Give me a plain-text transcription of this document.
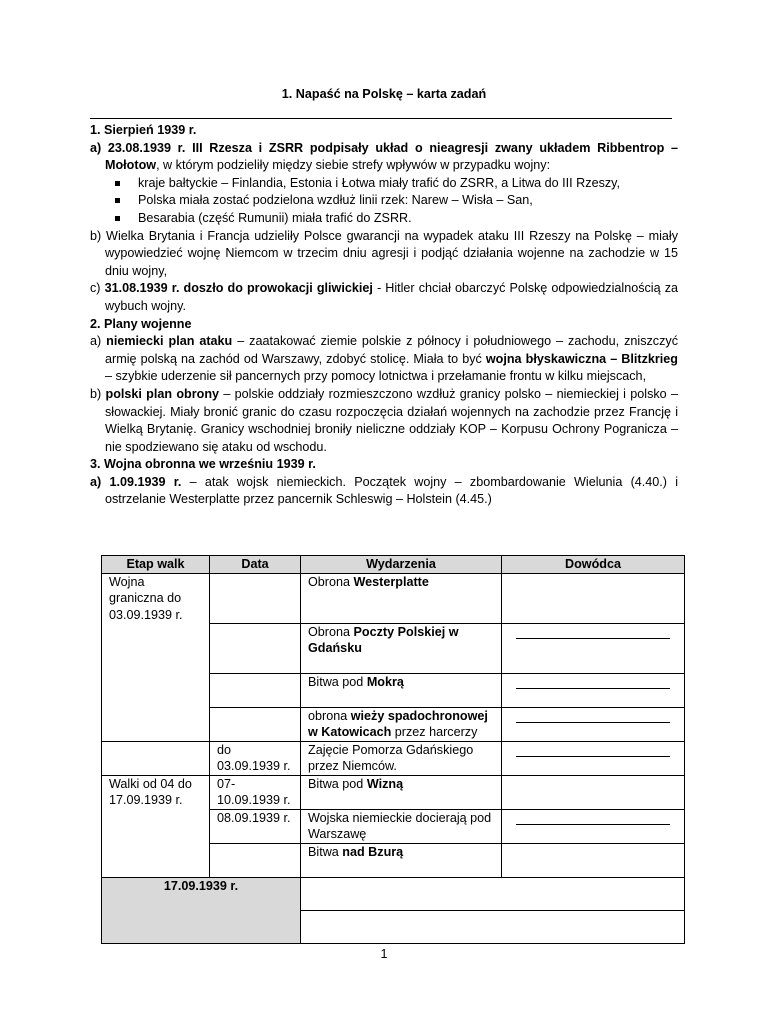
1. Napaść na Polskę – karta zadań

1. Sierpień 1939 r.

a) 23.08.1939 r. III Rzesza i ZSRR podpisały układ o nieagresji zwany układem Ribbentrop – Mołotow, w którym podzieliły między siebie strefy wpływów w przypadku wojny:

kraje bałtyckie – Finlandia, Estonia i Łotwa miały trafić do ZSRR, a Litwa do III Rzeszy,

Polska miała zostać podzielona wzdłuż linii rzek: Narew – Wisła – San,

Besarabia (część Rumunii) miała trafić do ZSRR.

b) Wielka Brytania i Francja udzieliły Polsce gwarancji na wypadek ataku III Rzeszy na Polskę – miały wypowiedzieć wojnę Niemcom w trzecim dniu agresji i podjąć działania wojenne na zachodzie w 15 dniu wojny,

c) 31.08.1939 r. doszło do prowokacji gliwickiej - Hitler chciał obarczyć Polskę odpowiedzialnością za wybuch wojny.

2. Plany wojenne

a) niemiecki plan ataku – zaatakować ziemie polskie z północy i południowego – zachodu, zniszczyć armię polską na zachód od Warszawy, zdobyć stolicę. Miała to być wojna błyskawiczna – Blitzkrieg – szybkie uderzenie sił pancernych przy pomocy lotnictwa i przełamanie frontu w kilku miejscach,

b) polski plan obrony – polskie oddziały rozmieszczono wzdłuż granicy polsko – niemieckiej i polsko – słowackiej. Miały bronić granic do czasu rozpoczęcia działań wojennych na zachodzie przez Francję i Wielką Brytanię. Granicy wschodniej broniły nieliczne oddziały KOP – Korpusu Ochrony Pogranicza – nie spodziewano się ataku od wschodu.

3. Wojna obronna we wrześniu 1939 r.

a) 1.09.1939 r. – atak wojsk niemieckich. Początek wojny – zbombardowanie Wielunia (4.40.) i ostrzelanie Westerplatte przez pancernik Schleswig – Holstein (4.45.)

Etap walk	Data	Wydarzenia	Dowódca
Wojna graniczna do 03.09.1939 r.		Obrona Westerplatte	
		Obrona Poczty Polskiej w Gdańsku	

		Bitwa pod Mokrą	

		obrona wieży spadochronowej w Katowicach przez harcerzy	

	do 03.09.1939 r.	Zajęcie Pomorza Gdańskiego przez Niemców.	

Walki od 04 do 17.09.1939 r.	07-10.09.1939 r.	Bitwa pod Wizną	
	08.09.1939 r.	Wojska niemieckie docierają pod Warszawę	

		Bitwa nad Bzurą	
17.09.1939 r.			

1
